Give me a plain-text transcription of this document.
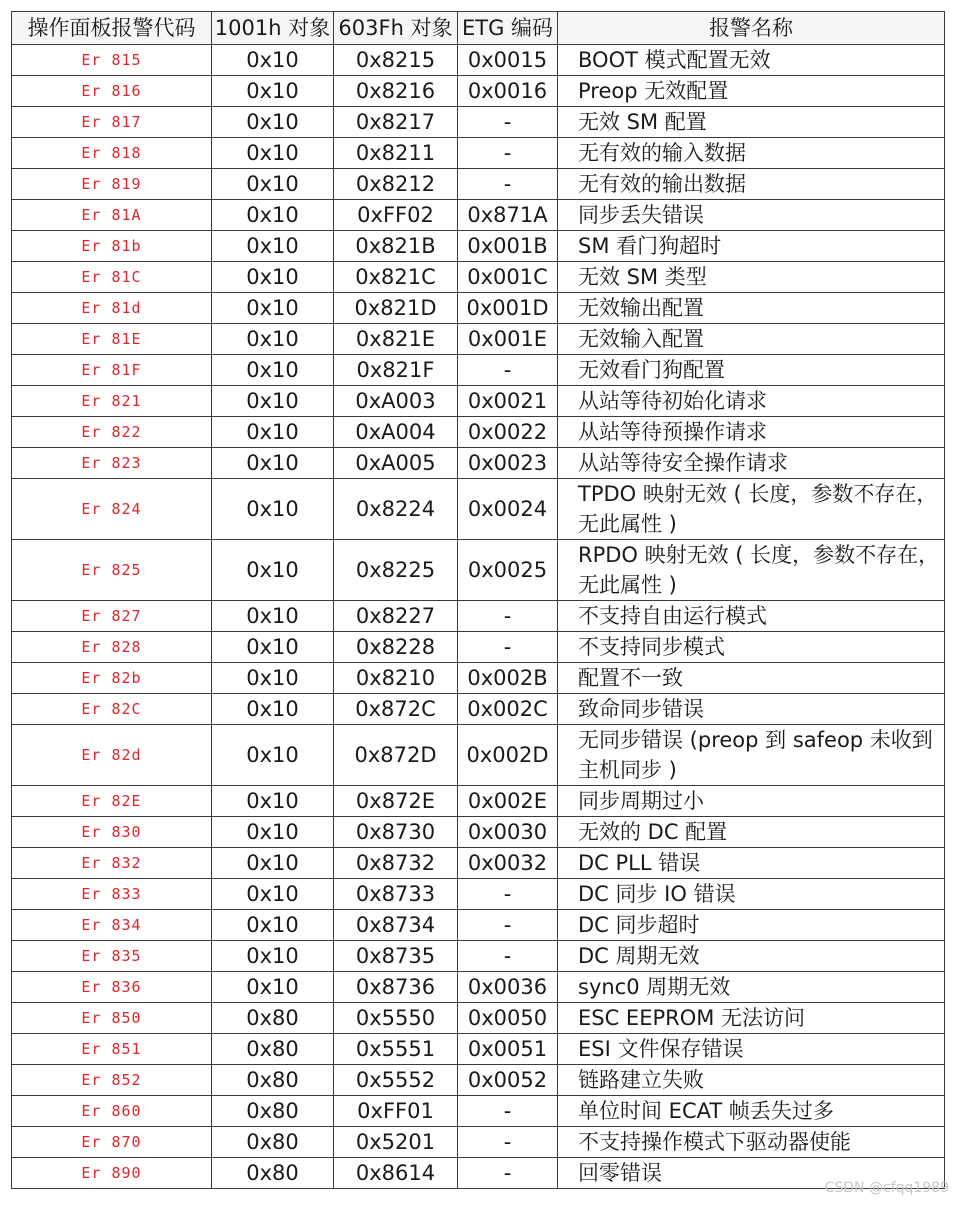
操作面板报警代码	1001h 对象	603Fh 对象	ETG 编码	报警名称
Er 815	0x10	0x8215	0x0015	BOOT 模式配置无效
Er 816	0x10	0x8216	0x0016	Preop 无效配置
Er 817	0x10	0x8217	-	无效 SM 配置
Er 818	0x10	0x8211	-	无有效的输入数据
Er 819	0x10	0x8212	-	无有效的输出数据
Er 81A	0x10	0xFF02	0x871A	同步丢失错误
Er 81b	0x10	0x821B	0x001B	SM 看门狗超时
Er 81C	0x10	0x821C	0x001C	无效 SM 类型
Er 81d	0x10	0x821D	0x001D	无效输出配置
Er 81E	0x10	0x821E	0x001E	无效输入配置
Er 81F	0x10	0x821F	-	无效看门狗配置
Er 821	0x10	0xA003	0x0021	从站等待初始化请求
Er 822	0x10	0xA004	0x0022	从站等待预操作请求
Er 823	0x10	0xA005	0x0023	从站等待安全操作请求
Er 824	0x10	0x8224	0x0024	TPDO 映射无效 ( 长度，参数不存在，无此属性 )
Er 825	0x10	0x8225	0x0025	RPDO 映射无效 ( 长度，参数不存在，无此属性 )
Er 827	0x10	0x8227	-	不支持自由运行模式
Er 828	0x10	0x8228	-	不支持同步模式
Er 82b	0x10	0x8210	0x002B	配置不一致
Er 82C	0x10	0x872C	0x002C	致命同步错误
Er 82d	0x10	0x872D	0x002D	无同步错误 (preop 到 safeop 未收到主机同步 )
Er 82E	0x10	0x872E	0x002E	同步周期过小
Er 830	0x10	0x8730	0x0030	无效的 DC 配置
Er 832	0x10	0x8732	0x0032	DC PLL 错误
Er 833	0x10	0x8733	-	DC 同步 IO 错误
Er 834	0x10	0x8734	-	DC 同步超时
Er 835	0x10	0x8735	-	DC 周期无效
Er 836	0x10	0x8736	0x0036	sync0 周期无效
Er 850	0x80	0x5550	0x0050	ESC EEPROM 无法访问
Er 851	0x80	0x5551	0x0051	ESI 文件保存错误
Er 852	0x80	0x5552	0x0052	链路建立失败
Er 860	0x80	0xFF01	-	单位时间 ECAT 帧丢失过多
Er 870	0x80	0x5201	-	不支持操作模式下驱动器使能
Er 890	0x80	0x8614	-	回零错误
CSDN @cfqq1989
